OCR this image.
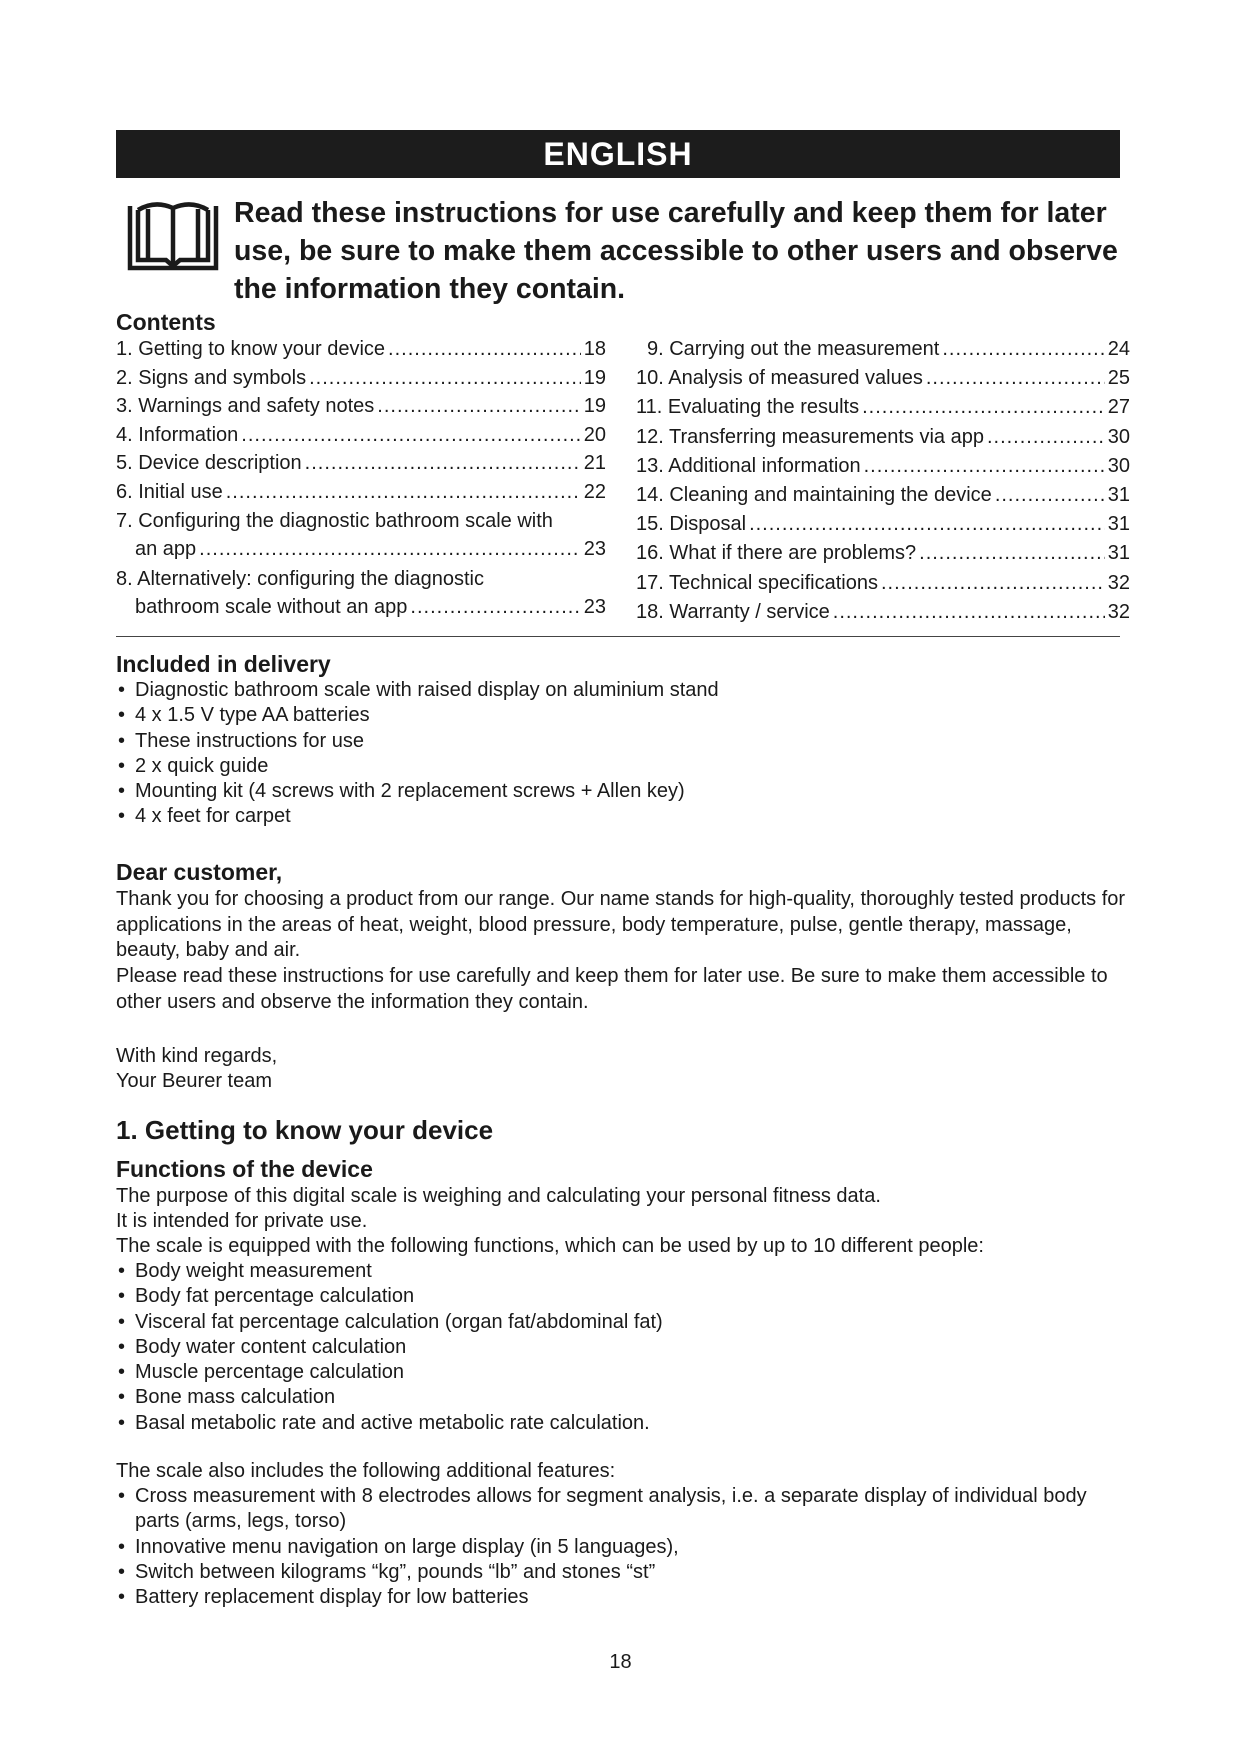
ENGLISH
Read these instructions for use carefully and keep them for later use, be sure to make them accessible to other users and observe the information they contain.
Contents
1. Getting to know your device .....	18
2. Signs and symbols .....	19
3. Warnings and safety notes .....	19
4. Information .....	20
5. Device description .....	21
6. Initial use .....	22
7. Configuring the diagnostic bathroom scale with
an app .....	23
8. Alternatively: configuring the diagnostic
bathroom scale without an app .....	23
9. Carrying out the measurement .....	24
10. Analysis of measured values .....	25
11. Evaluating the results .....	27
12. Transferring measurements via app .....	30
13. Additional information .....	30
14. Cleaning and maintaining the device .....	31
15. Disposal .....	31
16. What if there are problems? .....	31
17. Technical specifications .....	32
18. Warranty / service .....	32
Included in delivery
• Diagnostic bathroom scale with raised display on aluminium stand
• 4 x 1.5 V type AA batteries
• These instructions for use
• 2 x quick guide
• Mounting kit (4 screws with 2 replacement screws + Allen key)
• 4 x feet for carpet
Dear customer,

Thank you for choosing a product from our range. Our name stands for high-quality, thoroughly tested products for applications in the areas of heat, weight, blood pressure, body temperature, pulse, gentle therapy, massage, beauty, baby and air.

Please read these instructions for use carefully and keep them for later use. Be sure to make them accessible to other users and observe the information they contain.

With kind regards,

Your Beurer team

1. Getting to know your device
Functions of the device

The purpose of this digital scale is weighing and calculating your personal fitness data.

It is intended for private use.

The scale is equipped with the following functions, which can be used by up to 10 different people:

• Body weight measurement
• Body fat percentage calculation
• Visceral fat percentage calculation (organ fat/abdominal fat)
• Body water content calculation
• Muscle percentage calculation
• Bone mass calculation
• Basal metabolic rate and active metabolic rate calculation.

The scale also includes the following additional features:

• Cross measurement with 8 electrodes allows for segment analysis, i.e. a separate display of individual body parts (arms, legs, torso)
• Innovative menu navigation on large display (in 5 languages),
• Switch between kilograms “kg”, pounds “lb” and stones “st”
• Battery replacement display for low batteries
18
